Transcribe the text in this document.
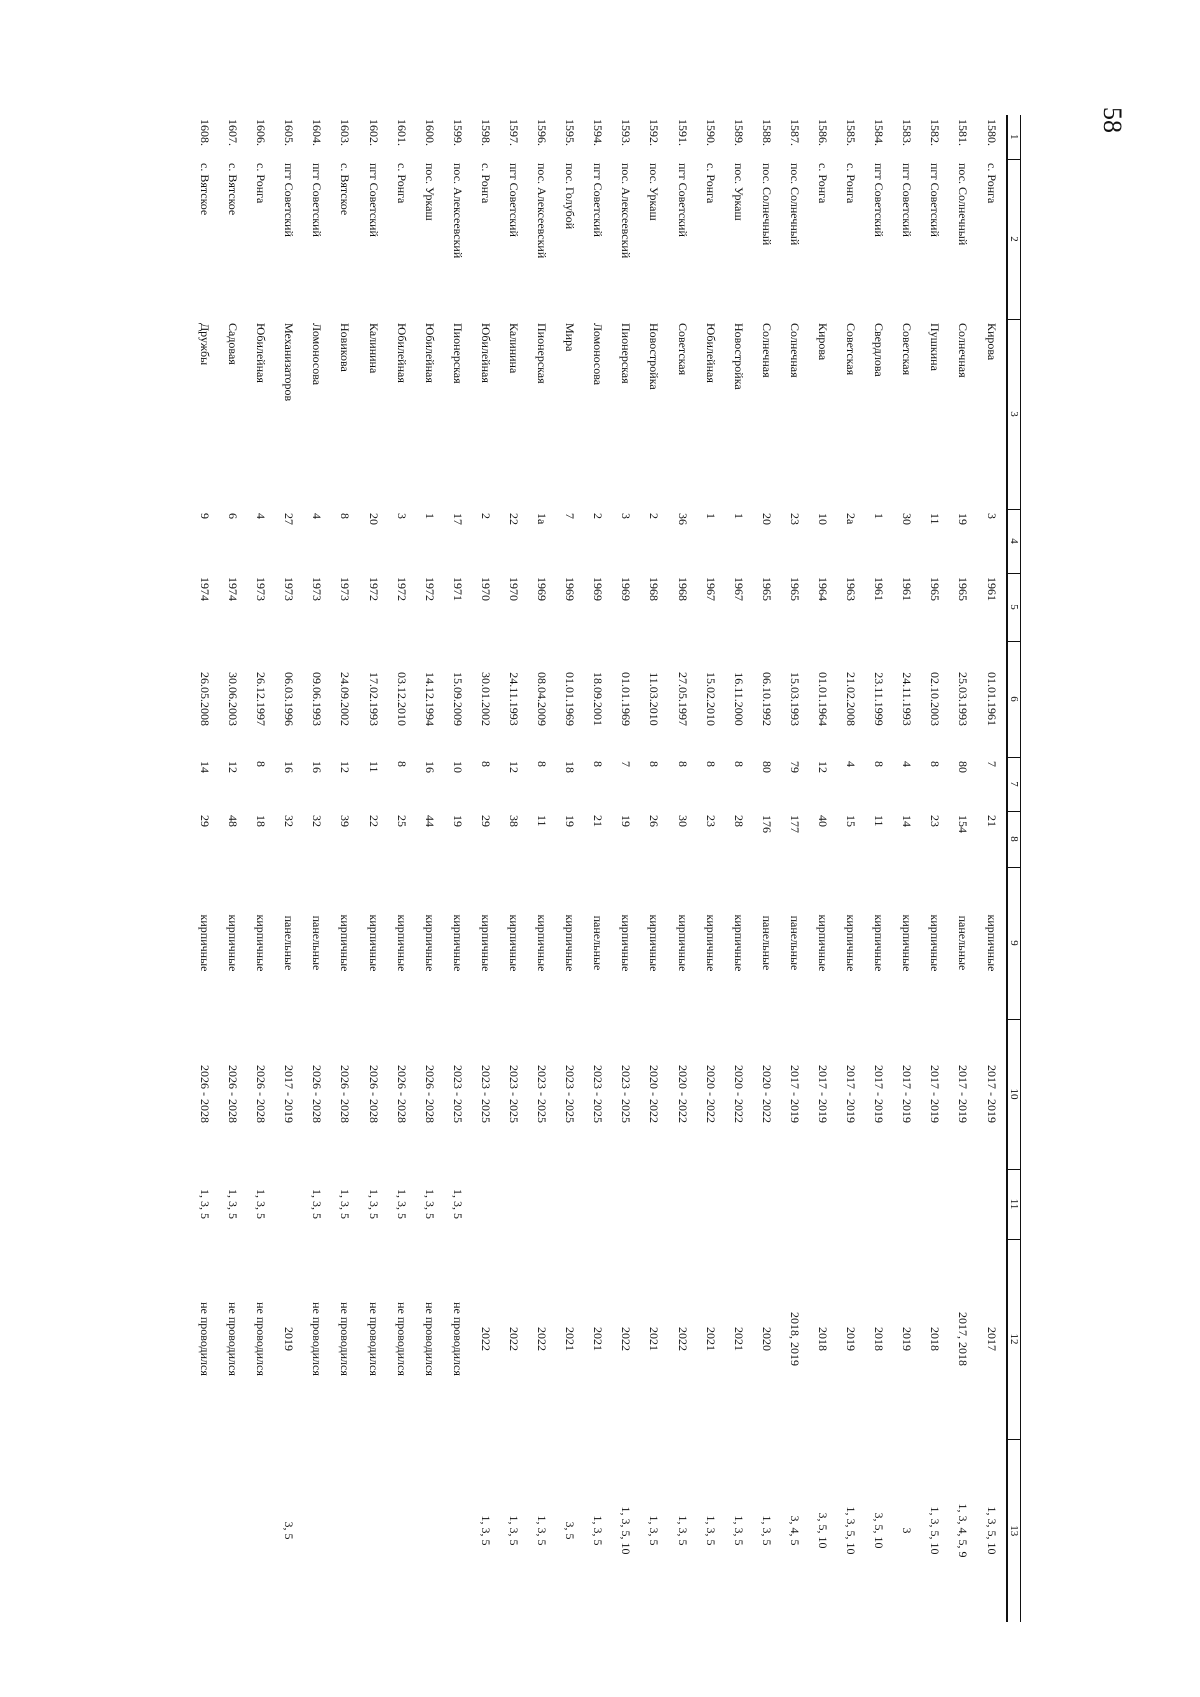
58
1	2	3	4	5	6	7	8	9	10	11	12	13
1580.	с. Ронга	Кирова	3	1961	01.01.1961	7	21	кирпичные	2017 - 2019		2017	1, 3, 5, 10
1581.	пос. Солнечный	Солнечная	19	1965	25.03.1993	80	154	панельные	2017 - 2019		2017, 2018	1, 3, 4, 5, 9
1582.	пгт Советский	Пушкина	11	1965	02.10.2003	8	23	кирпичные	2017 - 2019		2018	1, 3, 5, 10
1583.	пгт Советский	Советская	30	1961	24.11.1993	4	14	кирпичные	2017 - 2019		2019	3
1584.	пгт Советский	Свердлова	1	1961	23.11.1999	8	11	кирпичные	2017 - 2019		2018	3, 5, 10
1585.	с. Ронга	Советская	2а	1963	21.02.2008	4	15	кирпичные	2017 - 2019		2019	1, 3, 5, 10
1586.	с. Ронга	Кирова	10	1964	01.01.1964	12	40	кирпичные	2017 - 2019		2018	3, 5, 10
1587.	пос. Солнечный	Солнечная	23	1965	15.03.1993	79	177	панельные	2017 - 2019		2018, 2019	3, 4, 5
1588.	пос. Солнечный	Солнечная	20	1965	06.10.1992	80	176	панельные	2020 - 2022		2020	1, 3, 5
1589.	пос. Уркаш	Новостройка	1	1967	16.11.2000	8	28	кирпичные	2020 - 2022		2021	1, 3, 5
1590.	с. Ронга	Юбилейная	1	1967	15.02.2010	8	23	кирпичные	2020 - 2022		2021	1, 3, 5
1591.	пгт Советский	Советская	36	1968	27.05.1997	8	30	кирпичные	2020 - 2022		2022	1, 3, 5
1592.	пос. Уркаш	Новостройка	2	1968	11.03.2010	8	26	кирпичные	2020 - 2022		2021	1, 3, 5
1593.	пос. Алексеевский	Пионерская	3	1969	01.01.1969	7	19	кирпичные	2023 - 2025		2022	1, 3, 5, 10
1594.	пгт Советский	Ломоносова	2	1969	18.09.2001	8	21	панельные	2023 - 2025		2021	1, 3, 5
1595.	пос. Голубой	Мира	7	1969	01.01.1969	18	19	кирпичные	2023 - 2025		2021	3, 5
1596.	пос. Алексеевский	Пионерская	1а	1969	08.04.2009	8	11	кирпичные	2023 - 2025		2022	1, 3, 5
1597.	пгт Советский	Калинина	22	1970	24.11.1993	12	38	кирпичные	2023 - 2025		2022	1, 3, 5
1598.	с. Ронга	Юбилейная	2	1970	30.01.2002	8	29	кирпичные	2023 - 2025		2022	1, 3, 5
1599.	пос. Алексеевский	Пионерская	17	1971	15.09.2009	10	19	кирпичные	2023 - 2025	1, 3, 5	не проводился	
1600.	пос. Уркаш	Юбилейная	1	1972	14.12.1994	16	44	кирпичные	2026 - 2028	1, 3, 5	не проводился	
1601.	с. Ронга	Юбилейная	3	1972	03.12.2010	8	25	кирпичные	2026 - 2028	1, 3, 5	не проводился	
1602.	пгт Советский	Калинина	20	1972	17.02.1993	11	22	кирпичные	2026 - 2028	1, 3, 5	не проводился	
1603.	с. Вятское	Новикова	8	1973	24.09.2002	12	39	кирпичные	2026 - 2028	1, 3, 5	не проводился	
1604.	пгт Советский	Ломоносова	4	1973	09.06.1993	16	32	панельные	2026 - 2028	1, 3, 5	не проводился	
1605.	пгт Советский	Механизаторов	27	1973	06.03.1996	16	32	панельные	2017 - 2019		2019	3, 5
1606.	с. Ронга	Юбилейная	4	1973	26.12.1997	8	18	кирпичные	2026 - 2028	1, 3, 5	не проводился	
1607.	с. Вятское	Садовая	6	1974	30.06.2003	12	48	кирпичные	2026 - 2028	1, 3, 5	не проводился	
1608.	с. Вятское	Дружбы	9	1974	26.05.2008	14	29	кирпичные	2026 - 2028	1, 3, 5	не проводился	
